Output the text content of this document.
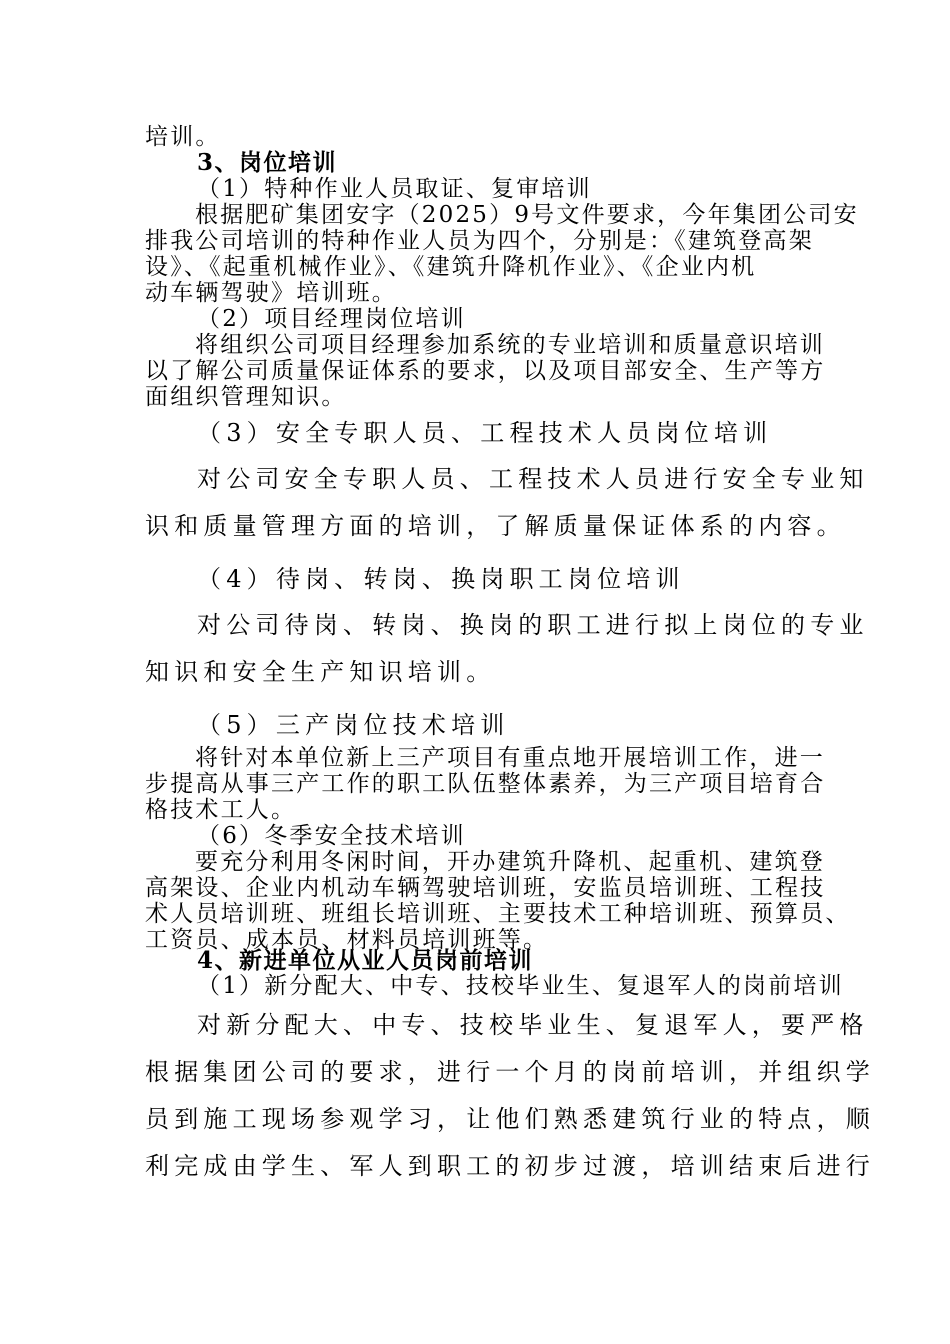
培训。
3、岗位培训
（1）特种作业人员取证、复审培训
根据肥矿集团安字（2025）9号文件要求，今年集团公司安
排我公司培训的特种作业人员为四个，分别是：《建筑登高架
设》、《起重机械作业》、《建筑升降机作业》、《企业内机
动车辆驾驶》培训班。
（2）项目经理岗位培训
将组织公司项目经理参加系统的专业培训和质量意识培训
以了解公司质量保证体系的要求，以及项目部安全、生产等方
面组织管理知识。
（3）安全专职人员、工程技术人员岗位培训
对公司安全专职人员、工程技术人员进行安全专业知
识和质量管理方面的培训，了解质量保证体系的内容。
（4）待岗、转岗、换岗职工岗位培训
对公司待岗、转岗、换岗的职工进行拟上岗位的专业
知识和安全生产知识培训。
（5）三产岗位技术培训
将针对本单位新上三产项目有重点地开展培训工作，进一
步提高从事三产工作的职工队伍整体素养，为三产项目培育合
格技术工人。
（6）冬季安全技术培训
要充分利用冬闲时间，开办建筑升降机、起重机、建筑登
高架设、企业内机动车辆驾驶培训班，安监员培训班、工程技
术人员培训班、班组长培训班、主要技术工种培训班、预算员、
工资员、成本员、材料员培训班等。
4、新进单位从业人员岗前培训
（1）新分配大、中专、技校毕业生、复退军人的岗前培训
对新分配大、中专、技校毕业生、复退军人，要严格
根据集团公司的要求，进行一个月的岗前培训，并组织学
员到施工现场参观学习，让他们熟悉建筑行业的特点，顺
利完成由学生、军人到职工的初步过渡，培训结束后进行
